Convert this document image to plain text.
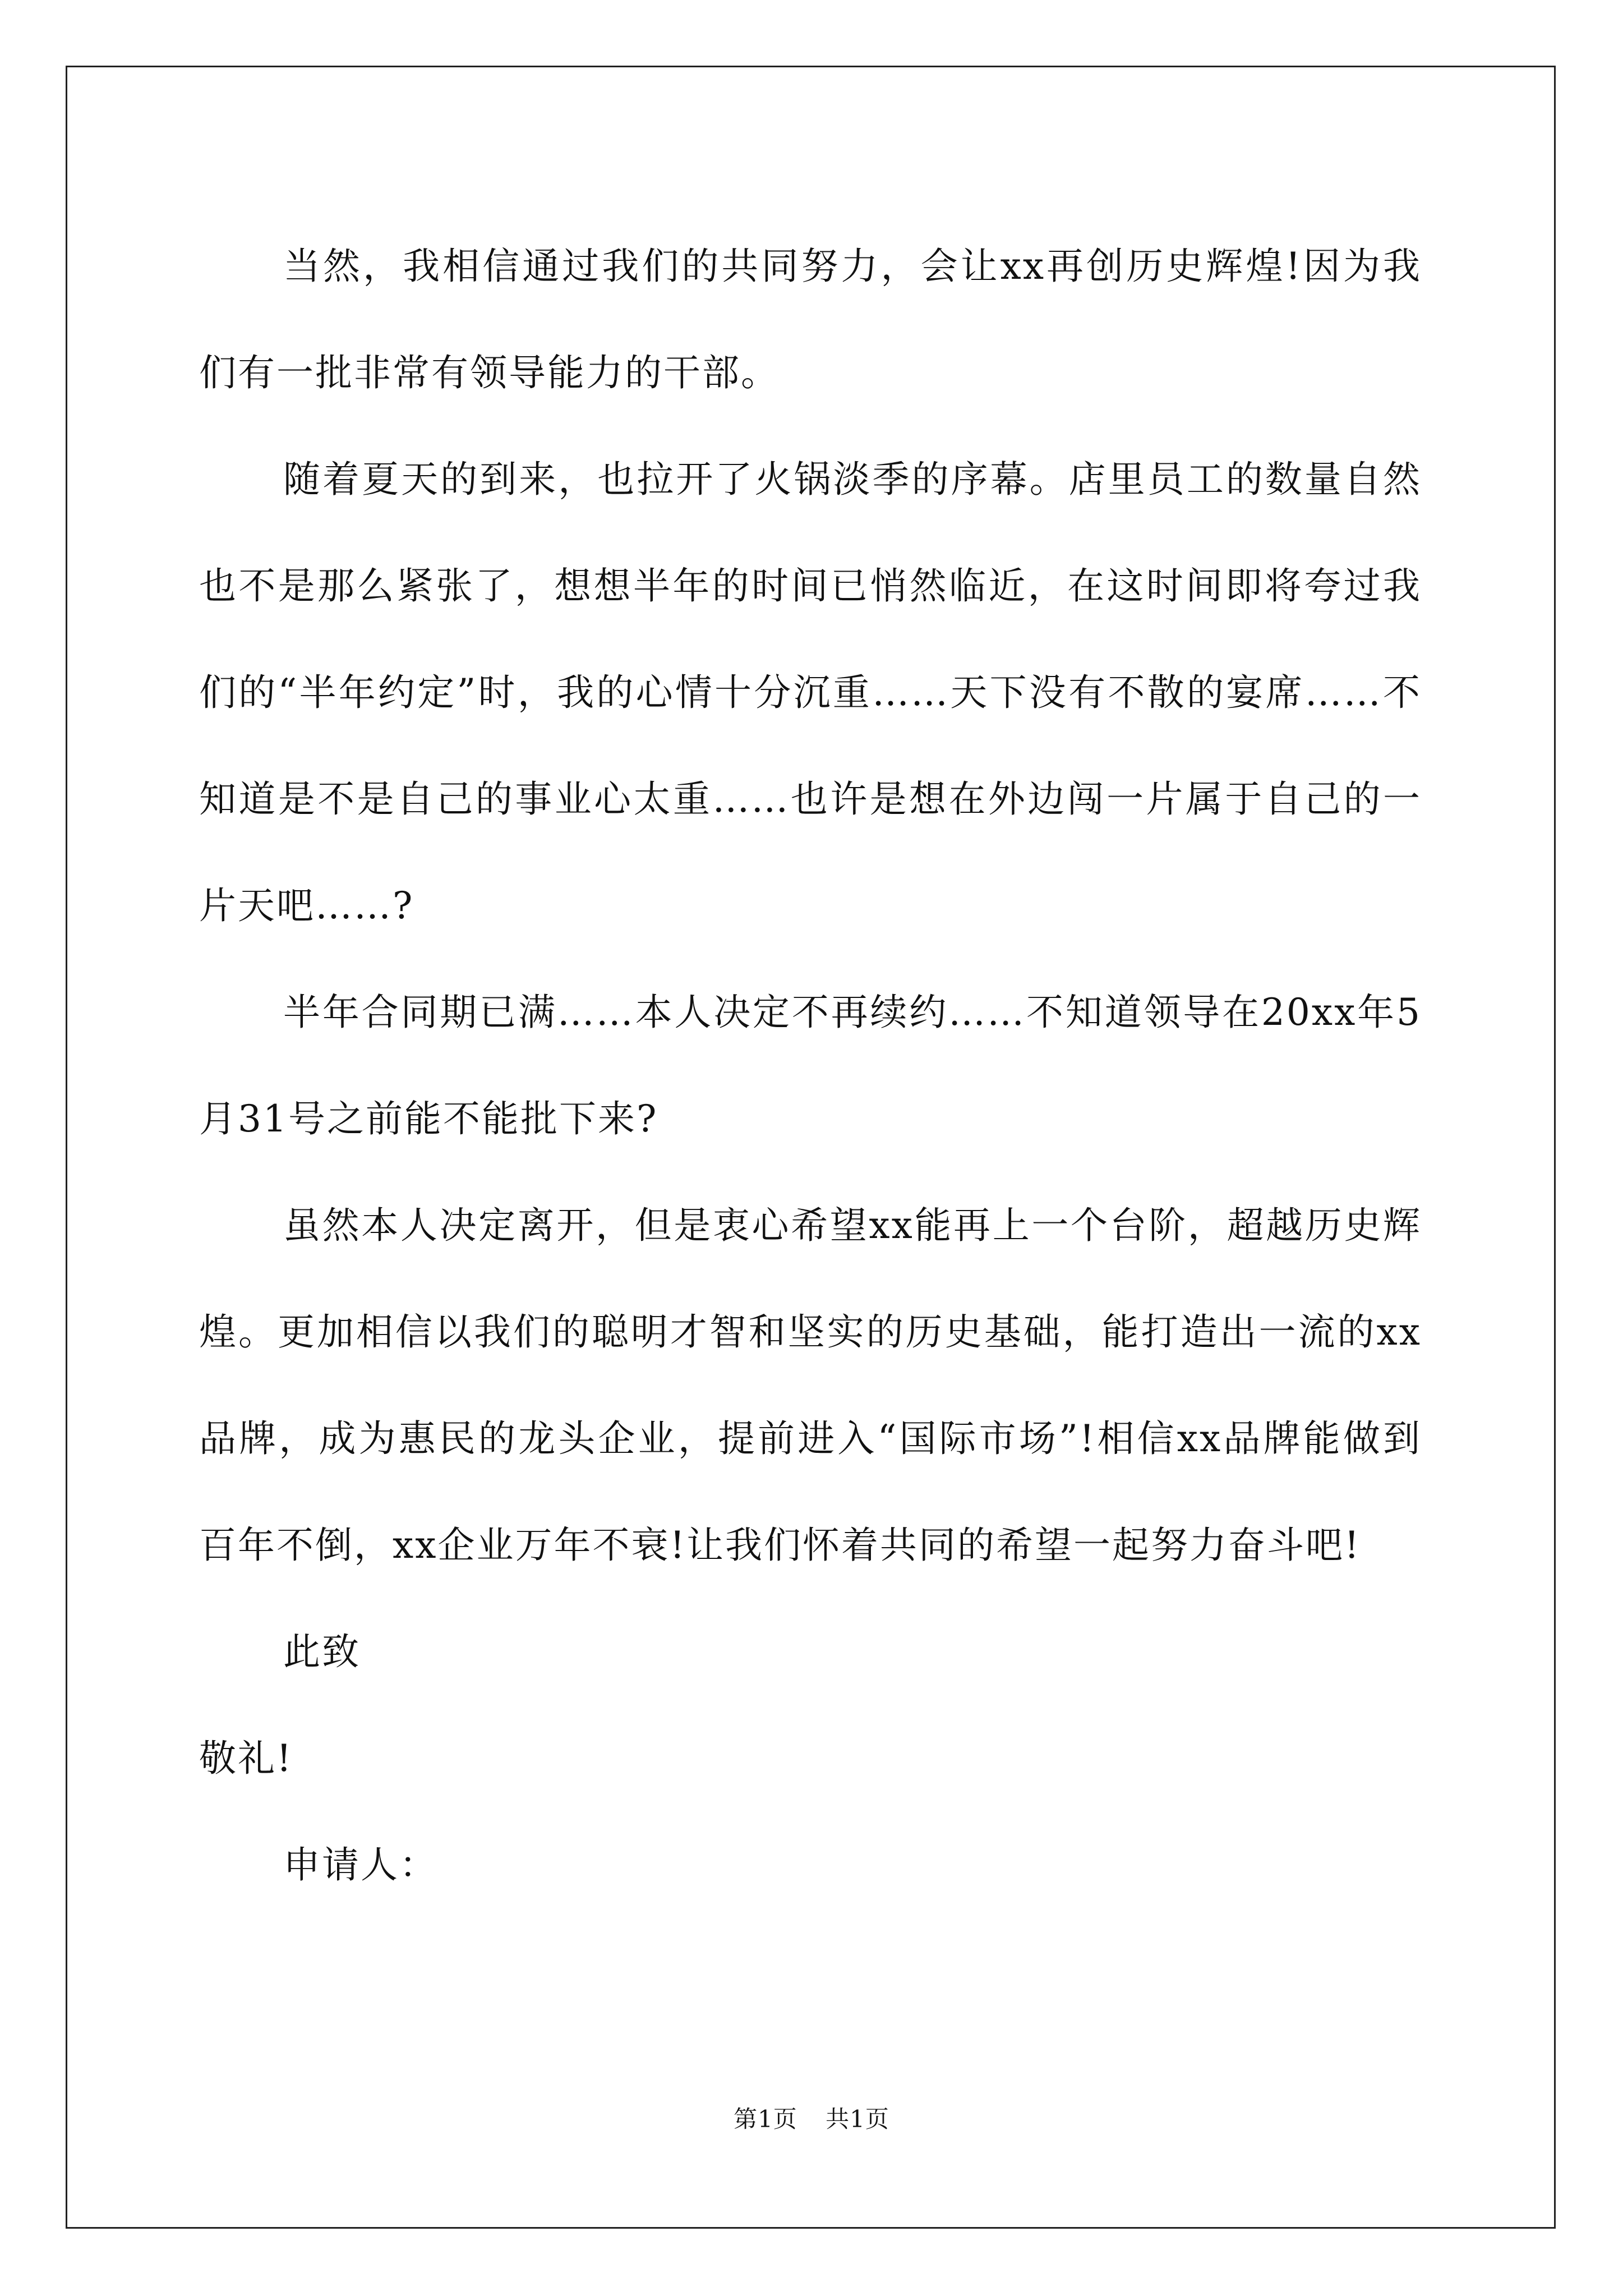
当然，我相信通过我们的共同努力，会让xx再创历史辉煌!因为我们有一批非常有领导能力的干部。

随着夏天的到来，也拉开了火锅淡季的序幕。店里员工的数量自然也不是那么紧张了，想想半年的时间已悄然临近，在这时间即将夸过我们的“半年约定”时，我的心情十分沉重……天下没有不散的宴席……不知道是不是自己的事业心太重……也许是想在外边闯一片属于自己的一片天吧……?

半年合同期已满……本人决定不再续约……不知道领导在20xx年5月31号之前能不能批下来?

虽然本人决定离开，但是衷心希望xx能再上一个台阶，超越历史辉煌。更加相信以我们的聪明才智和坚实的历史基础，能打造出一流的xx品牌，成为惠民的龙头企业，提前进入“国际市场”!相信xx品牌能做到百年不倒，xx企业万年不衰!让我们怀着共同的希望一起努力奋斗吧!

此致

敬礼!

申请人：

第1页 共1页
